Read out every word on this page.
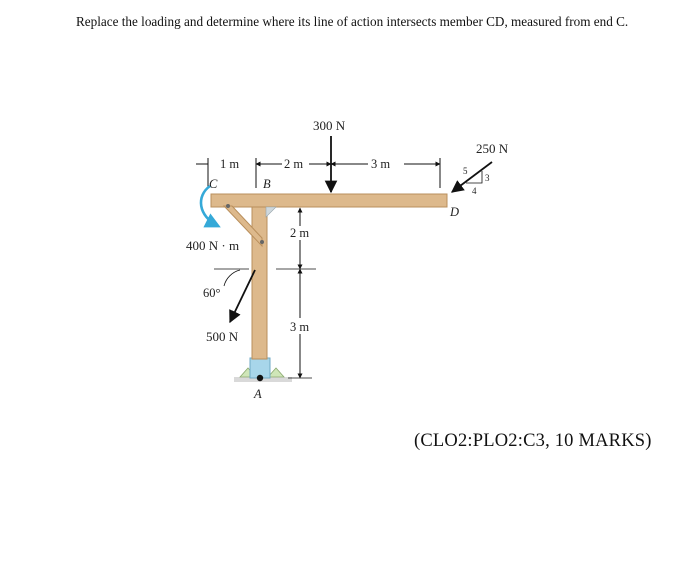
Replace the loading and determine where its line of action intersects member CD, measured from end C.
1 m	2 m	3 m
C	B
D
A
300 N
250 N
5
3
4
400 N · m
2 m
3 m
60°
500 N
(CLO2:PLO2:C3, 10 MARKS)
